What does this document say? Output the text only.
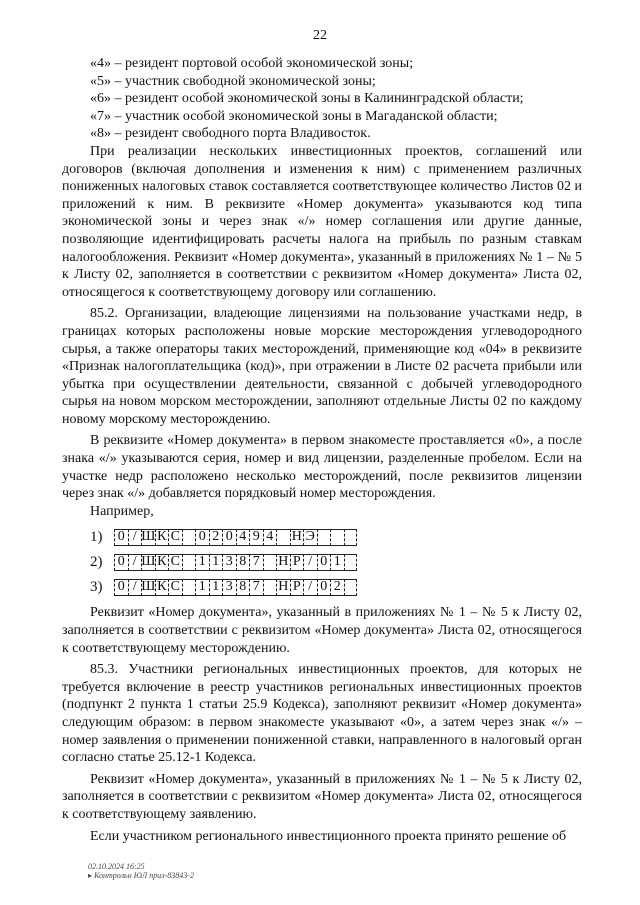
22

«4» – резидент портовой особой экономической зоны;

«5» – участник свободной экономической зоны;

«6» – резидент особой экономической зоны в Калининградской области;

«7» – участник особой экономической зоны в Магаданской области;

«8» – резидент свободного порта Владивосток.

При реализации нескольких инвестиционных проектов, соглашений или договоров (включая дополнения и изменения к ним) с применением различных пониженных налоговых ставок составляется соответствующее количество Листов 02 и приложений к ним. В реквизите «Номер документа» указываются код типа экономической зоны и через знак «/» номер соглашения или другие данные, позволяющие идентифицировать расчеты налога на прибыль по разным ставкам налогообложения. Реквизит «Номер документа», указанный в приложениях № 1 – № 5 к Листу 02, заполняется в соответствии с реквизитом «Номер документа» Листа 02, относящегося к соответствующему договору или соглашению.

85.2. Организации, владеющие лицензиями на пользование участками недр, в границах которых расположены новые морские месторождения углеводородного сырья, а также операторы таких месторождений, применяющие код «04» в реквизите «Признак налогоплательщика (код)», при отражении в Листе 02 расчета прибыли или убытка при осуществлении деятельности, связанной с добычей углеводородного сырья на новом морском месторождении, заполняют отдельные Листы 02 по каждому новому морскому месторождению.

В реквизите «Номер документа» в первом знакоместе проставляется «0», а после знака «/» указываются серия, номер и вид лицензии, разделенные пробелом. Если на участке недр расположено несколько месторождений, после реквизитов лицензии через знак «/» добавляется порядковый номер месторождения.

Например,

1)	0 / Ш К С 0 2 0 4 9 4 Н Э
2)	0 / Ш К С 1 1 3 8 7 Н Р / 0 1
3)	0 / Ш К С 1 1 3 8 7 Н Р / 0 2

Реквизит «Номер документа», указанный в приложениях № 1 – № 5 к Листу 02, заполняется в соответствии с реквизитом «Номер документа» Листа 02, относящегося к соответствующему месторождению.

85.3. Участники региональных инвестиционных проектов, для которых не требуется включение в реестр участников региональных инвестиционных проектов (подпункт 2 пункта 1 статьи 25.9 Кодекса), заполняют реквизит «Номер документа» следующим образом: в первом знакоместе указывают «0», а затем через знак «/» – номер заявления о применении пониженной ставки, направленного в налоговый орган согласно статье 25.12-1 Кодекса.

Реквизит «Номер документа», указанный в приложениях № 1 – № 5 к Листу 02, заполняется в соответствии с реквизитом «Номер документа» Листа 02, относящегося к соответствующему заявлению.

Если участником регионального инвестиционного проекта принято решение об

02.10.2024 16:25
▸ Контрольн ЮЛ прил-83843-2
